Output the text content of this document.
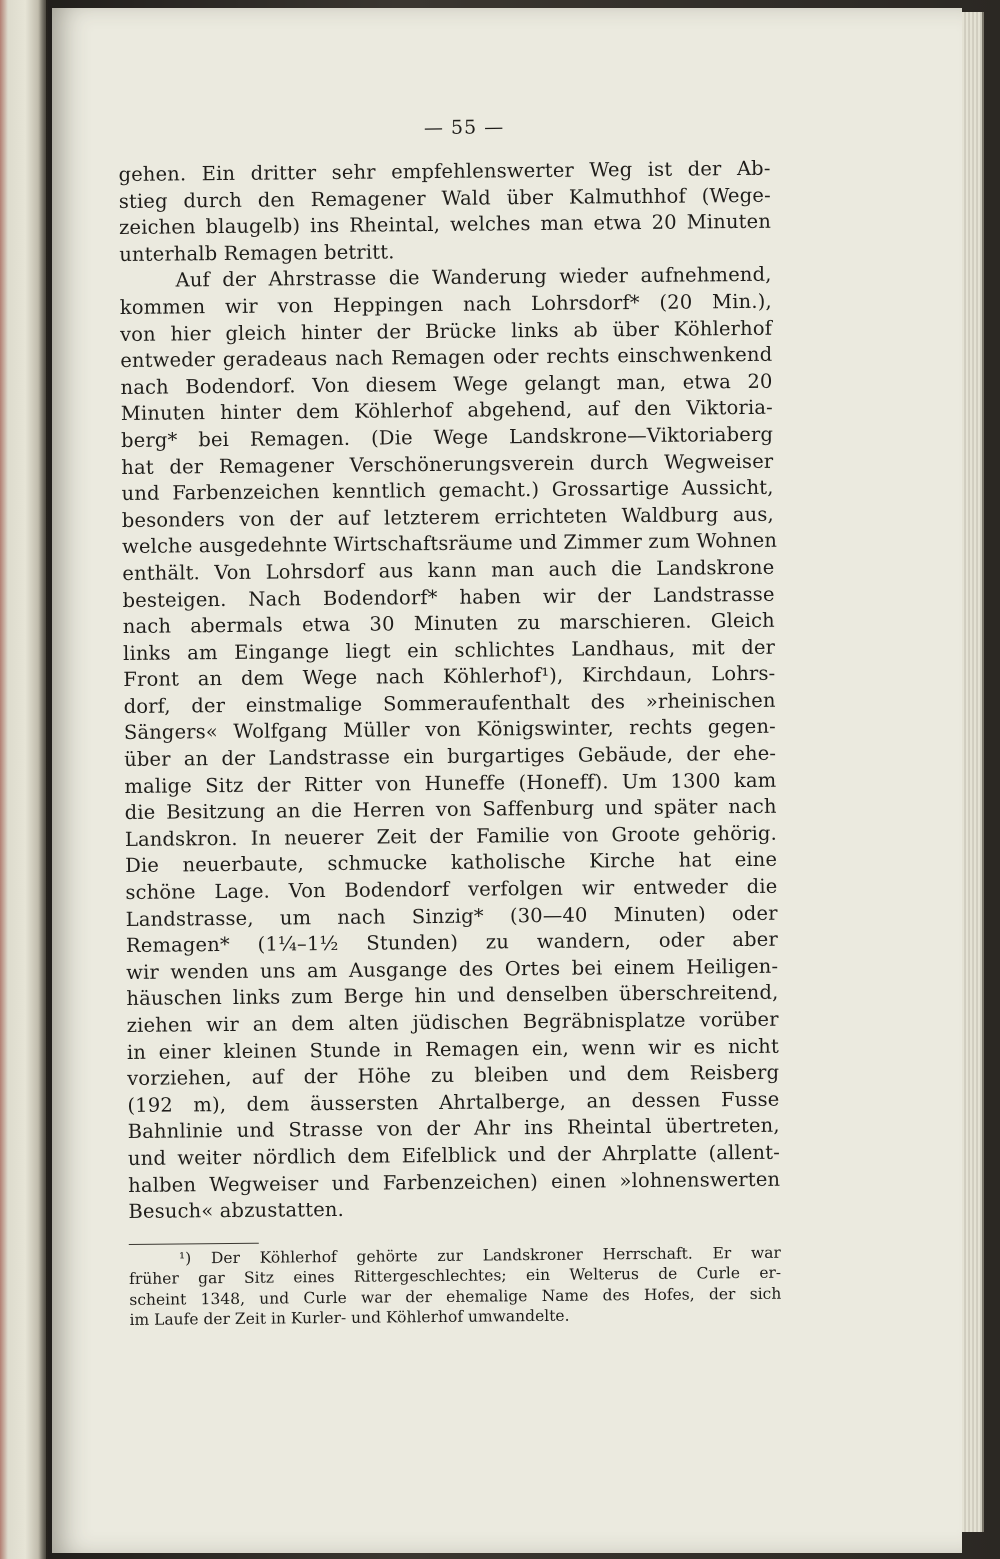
— 55 —
gehen. Ein dritter sehr empfehlenswerter Weg ist der Ab-
stieg durch den Remagener Wald über Kalmuthhof (Wege-
zeichen blaugelb) ins Rheintal, welches man etwa 20 Minuten
unterhalb Remagen betritt.
Auf der Ahrstrasse die Wanderung wieder aufnehmend,
kommen wir von Heppingen nach Lohrsdorf* (20 Min.),
von hier gleich hinter der Brücke links ab über Köhlerhof
entweder geradeaus nach Remagen oder rechts einschwenkend
nach Bodendorf. Von diesem Wege gelangt man, etwa 20
Minuten hinter dem Köhlerhof abgehend, auf den Viktoria-
berg* bei Remagen. (Die Wege Landskrone—Viktoriaberg
hat der Remagener Verschönerungsverein durch Wegweiser
und Farbenzeichen kenntlich gemacht.) Grossartige Aussicht,
besonders von der auf letzterem errichteten Waldburg aus,
welche ausgedehnte Wirtschaftsräume und Zimmer zum Wohnen
enthält. Von Lohrsdorf aus kann man auch die Landskrone
besteigen. Nach Bodendorf* haben wir der Landstrasse
nach abermals etwa 30 Minuten zu marschieren. Gleich
links am Eingange liegt ein schlichtes Landhaus, mit der
Front an dem Wege nach Köhlerhof¹), Kirchdaun, Lohrs-
dorf, der einstmalige Sommeraufenthalt des »rheinischen
Sängers« Wolfgang Müller von Königswinter, rechts gegen-
über an der Landstrasse ein burgartiges Gebäude, der ehe-
malige Sitz der Ritter von Huneffe (Honeff). Um 1300 kam
die Besitzung an die Herren von Saffenburg und später nach
Landskron. In neuerer Zeit der Familie von Groote gehörig.
Die neuerbaute, schmucke katholische Kirche hat eine
schöne Lage. Von Bodendorf verfolgen wir entweder die
Landstrasse, um nach Sinzig* (30—40 Minuten) oder
Remagen* (1¼–1½ Stunden) zu wandern, oder aber
wir wenden uns am Ausgange des Ortes bei einem Heiligen-
häuschen links zum Berge hin und denselben überschreitend,
ziehen wir an dem alten jüdischen Begräbnisplatze vorüber
in einer kleinen Stunde in Remagen ein, wenn wir es nicht
vorziehen, auf der Höhe zu bleiben und dem Reisberg
(192 m), dem äussersten Ahrtalberge, an dessen Fusse
Bahnlinie und Strasse von der Ahr ins Rheintal übertreten,
und weiter nördlich dem Eifelblick und der Ahrplatte (allent-
halben Wegweiser und Farbenzeichen) einen »lohnenswerten
Besuch« abzustatten.
¹) Der Köhlerhof gehörte zur Landskroner Herrschaft. Er war
früher gar Sitz eines Rittergeschlechtes; ein Welterus de Curle er-
scheint 1348, und Curle war der ehemalige Name des Hofes, der sich
im Laufe der Zeit in Kurler- und Köhlerhof umwandelte.
